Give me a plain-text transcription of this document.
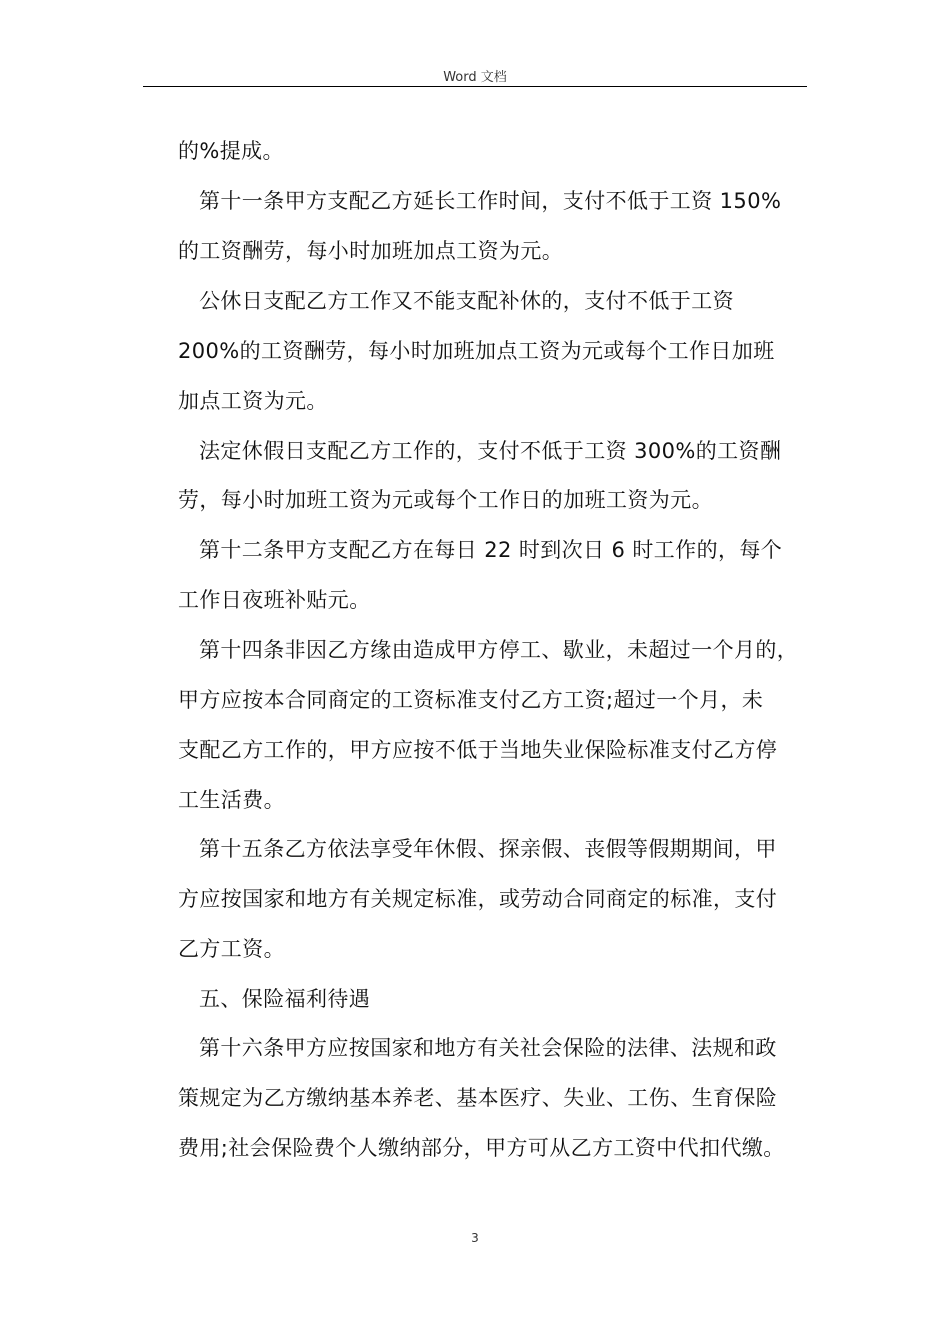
Word 文档
的%提成。
第十一条甲方支配乙方延长工作时间，支付不低于工资 150%
的工资酬劳，每小时加班加点工资为元。
公休日支配乙方工作又不能支配补休的，支付不低于工资
200%的工资酬劳，每小时加班加点工资为元或每个工作日加班
加点工资为元。
法定休假日支配乙方工作的，支付不低于工资 300%的工资酬
劳，每小时加班工资为元或每个工作日的加班工资为元。
第十二条甲方支配乙方在每日 22 时到次日 6 时工作的，每个
工作日夜班补贴元。
第十四条非因乙方缘由造成甲方停工、歇业，未超过一个月的，
甲方应按本合同商定的工资标准支付乙方工资;超过一个月，未
支配乙方工作的，甲方应按不低于当地失业保险标准支付乙方停
工生活费。
第十五条乙方依法享受年休假、探亲假、丧假等假期期间，甲
方应按国家和地方有关规定标准，或劳动合同商定的标准，支付
乙方工资。
五、保险福利待遇
第十六条甲方应按国家和地方有关社会保险的法律、法规和政
策规定为乙方缴纳基本养老、基本医疗、失业、工伤、生育保险
费用;社会保险费个人缴纳部分，甲方可从乙方工资中代扣代缴。
3
